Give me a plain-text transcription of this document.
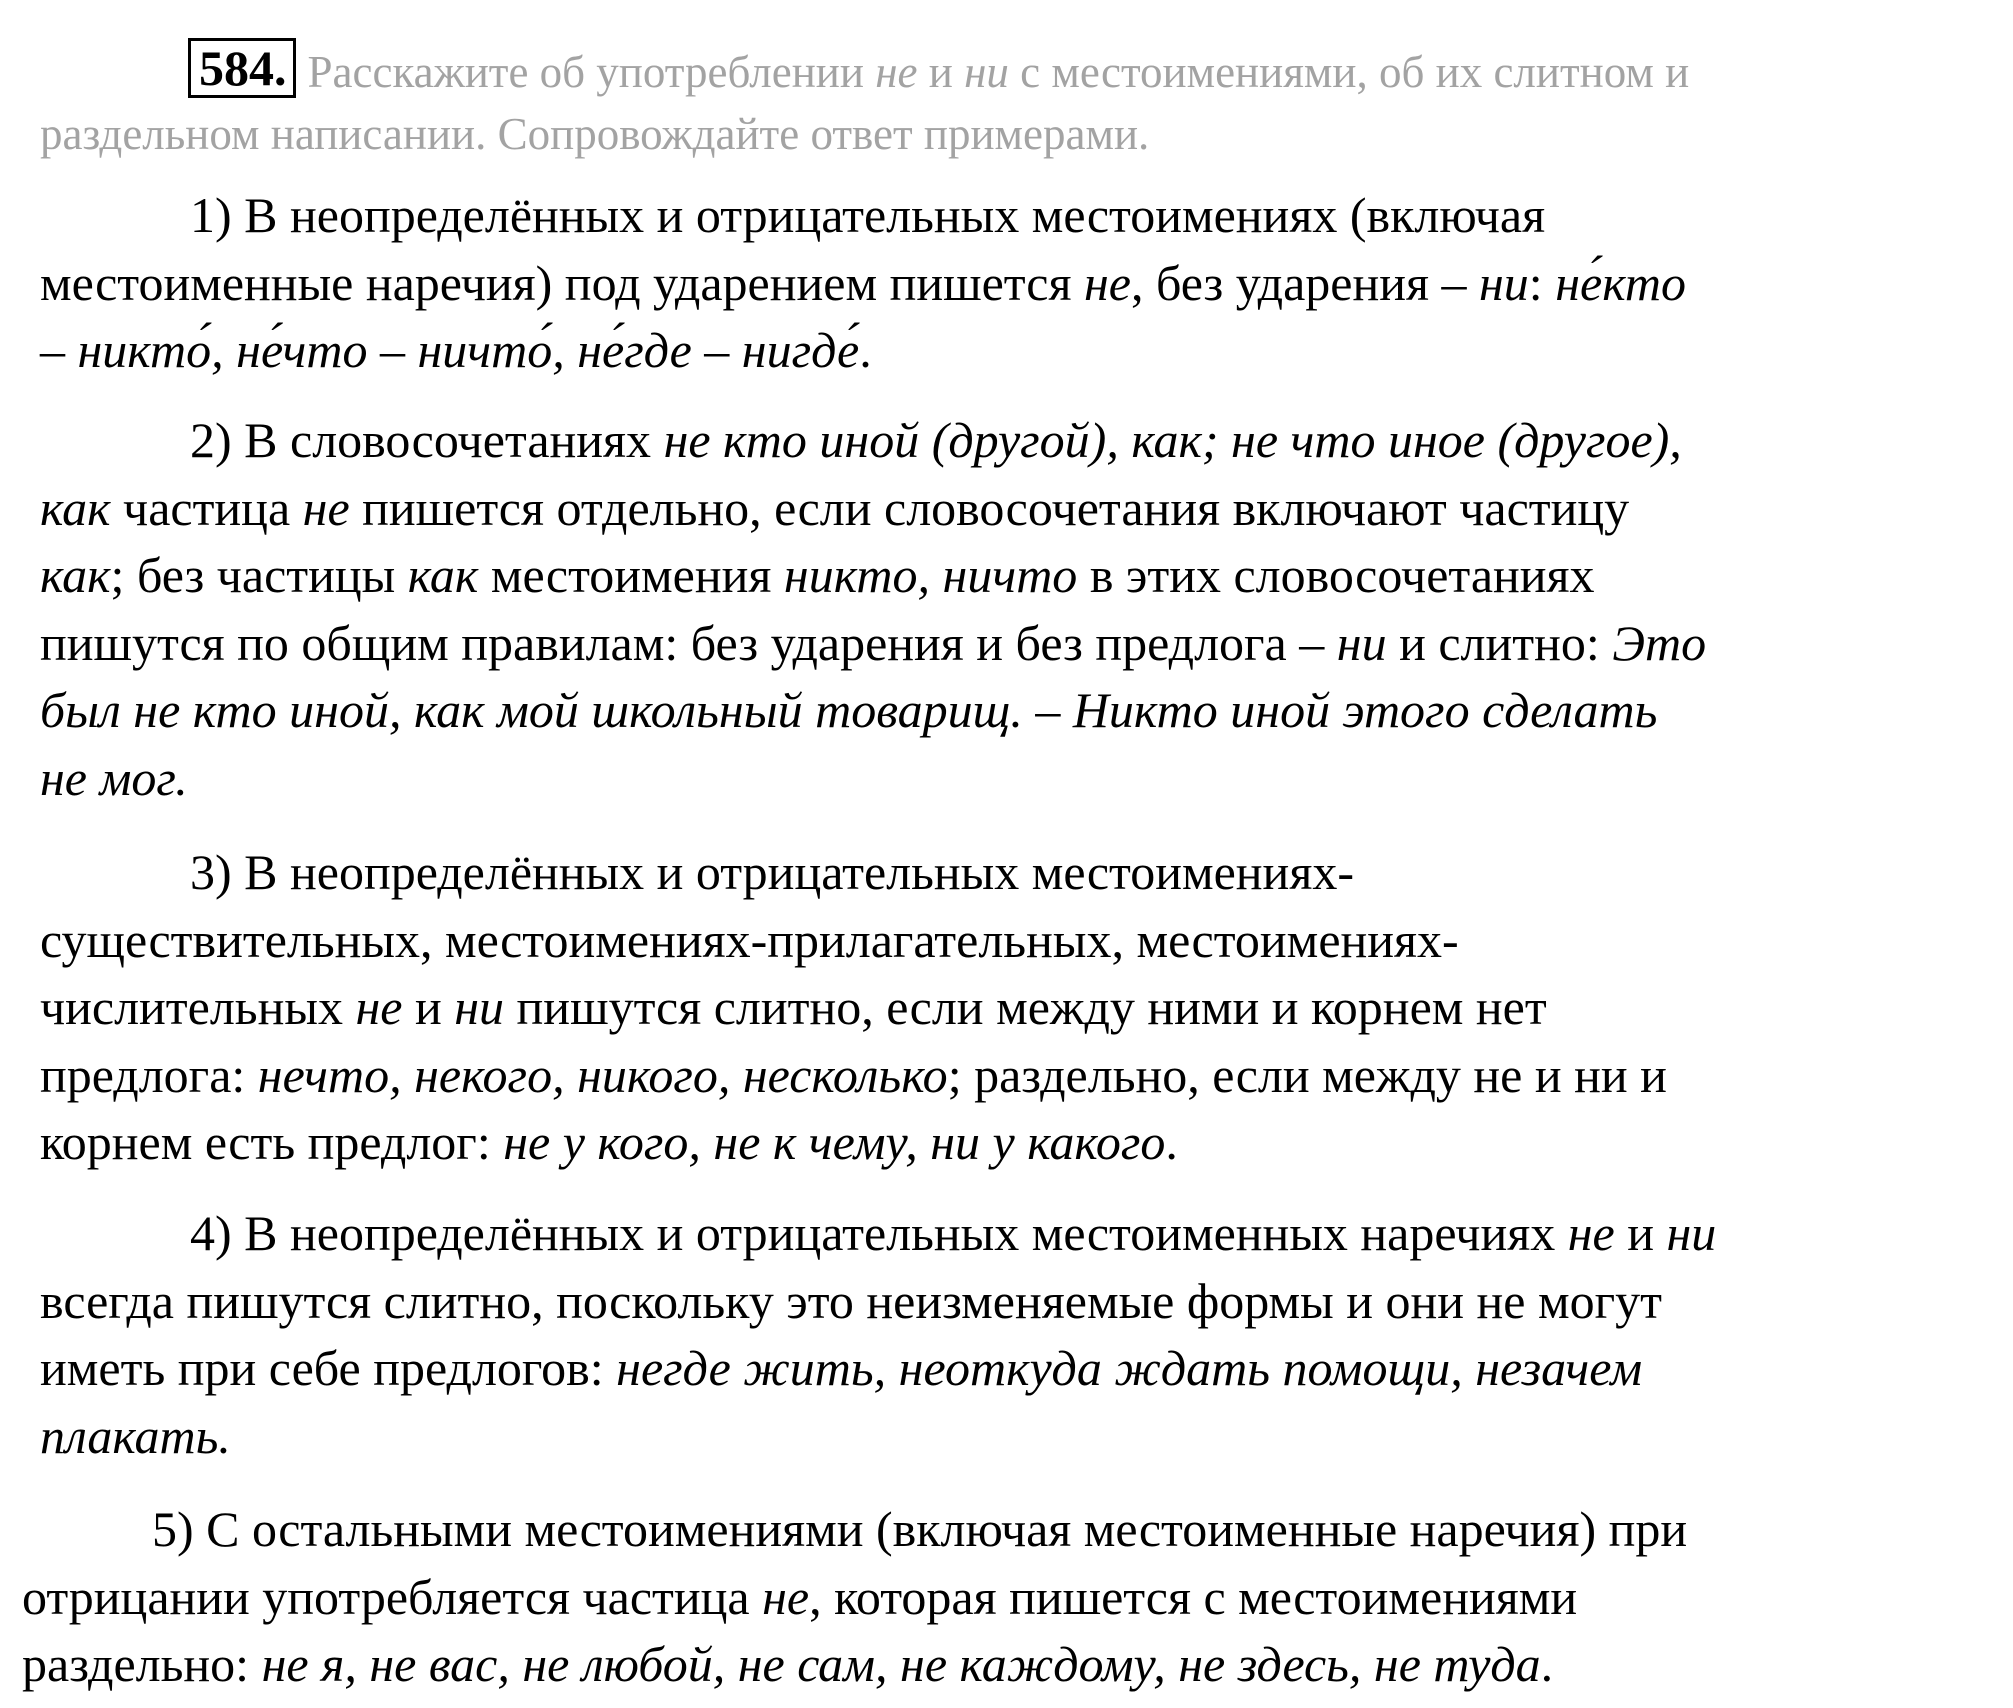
584. Расскажите об употреблении не и ни с местоимениями, об их слитном и
раздельном написании. Сопровождайте ответ примерами.
1) В неопределённых и отрицательных местоимениях (включая
местоименные наречия) под ударением пишется не, без ударения – ни: не́кто
– никто́, не́что – ничто́, не́где – нигде́.
2) В словосочетаниях не кто иной (другой), как; не что иное (другое),
как частица не пишется отдельно, если словосочетания включают частицу
как; без частицы как местоимения никто, ничто в этих словосочетаниях
пишутся по общим правилам: без ударения и без предлога – ни и слитно: Это
был не кто иной, как мой школьный товарищ. – Никто иной этого сделать
не мог.
3) В неопределённых и отрицательных местоимениях-
существительных, местоимениях-прилагательных, местоимениях-
числительных не и ни пишутся слитно, если между ними и корнем нет
предлога: нечто, некого, никого, несколько; раздельно, если между не и ни и
корнем есть предлог: не у кого, не к чему, ни у какого.
4) В неопределённых и отрицательных местоименных наречиях не и ни
всегда пишутся слитно, поскольку это неизменяемые формы и они не могут
иметь при себе предлогов: негде жить, неоткуда ждать помощи, незачем
плакать.
5) С остальными местоимениями (включая местоименные наречия) при
отрицании употребляется частица не, которая пишется с местоимениями
раздельно: не я, не вас, не любой, не сам, не каждому, не здесь, не туда.
